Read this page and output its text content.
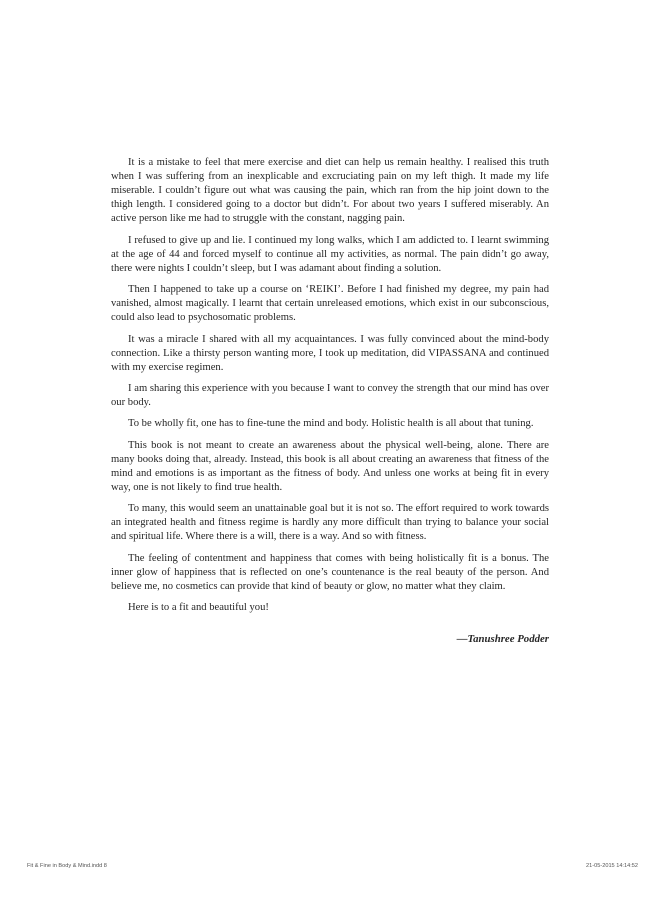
It is a mistake to feel that mere exercise and diet can help us remain healthy. I realised this truth when I was suffering from an inexplicable and excruciating pain on my left thigh. It made my life miserable. I couldn’t figure out what was causing the pain, which ran from the hip joint down to the thigh length. I considered going to a doctor but didn’t. For about two years I suffered miserably. An active person like me had to struggle with the constant, nagging pain.

I refused to give up and lie. I continued my long walks, which I am addicted to. I learnt swimming at the age of 44 and forced myself to continue all my activities, as normal. The pain didn’t go away, there were nights I couldn’t sleep, but I was adamant about finding a solution.

Then I happened to take up a course on ‘REIKI’. Before I had finished my degree, my pain had vanished, almost magically. I learnt that certain unreleased emotions, which exist in our subconscious, could also lead to psychosomatic problems.

It was a miracle I shared with all my acquaintances. I was fully convinced about the mind-body connection. Like a thirsty person wanting more, I took up meditation, did VIPASSANA and continued with my exercise regimen.

I am sharing this experience with you because I want to convey the strength that our mind has over our body.

To be wholly fit, one has to fine-tune the mind and body. Holistic health is all about that tuning.

This book is not meant to create an awareness about the physical well-being, alone. There are many books doing that, already. Instead, this book is all about creating an awareness that fitness of the mind and emotions is as important as the fitness of body. And unless one works at being fit in every way, one is not likely to find true health.

To many, this would seem an unattainable goal but it is not so. The effort required to work towards an integrated health and fitness regime is hardly any more difficult than trying to balance your social and spiritual life. Where there is a will, there is a way. And so with fitness.

The feeling of contentment and happiness that comes with being holistically fit is a bonus. The inner glow of happiness that is reflected on one’s countenance is the real beauty of the person. And believe me, no cosmetics can provide that kind of beauty or glow, no matter what they claim.

Here is to a fit and beautiful you!

—Tanushree Podder
Fit & Fine in Body & Mind.indd 8	21-05-2015 14:14:52
